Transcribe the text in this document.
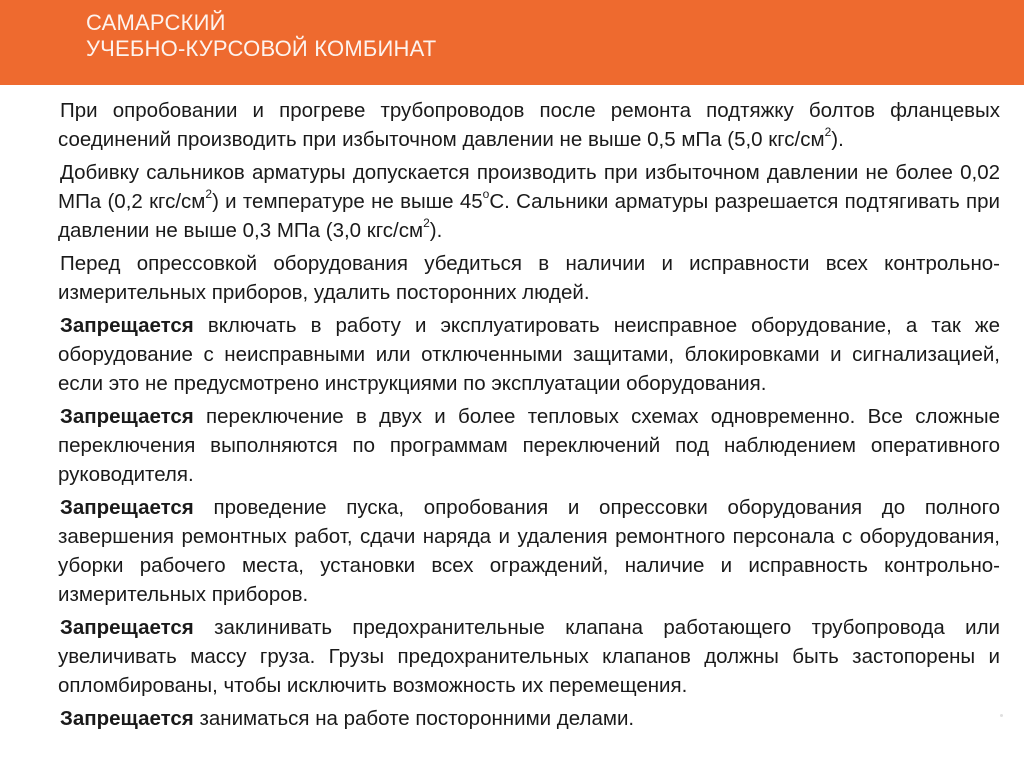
САМАРСКИЙ
УЧЕБНО-КУРСОВОЙ КОМБИНАТ

При опробовании и прогреве трубопроводов после ремонта подтяжку болтов фланцевых соединений производить при избыточном давлении не выше 0,5 мПа (5,0 кгс/$см^2$).

Добивку сальников арматуры допускается производить при избыточном давлении не более 0,02 МПа (0,2 кгс/$см^2$) и температуре не выше $45^оС$. Сальники арматуры разрешается подтягивать при давлении не выше 0,3 МПа (3,0 кгс/$см^2$).

Перед опрессовкой оборудования убедиться в наличии и исправности всех контрольно-измерительных приборов, удалить посторонних людей.

Запрещается включать в работу и эксплуатировать неисправное оборудование, а так же оборудование с неисправными или отключенными защитами, блокировками и сигнализацией, если это не предусмотрено инструкциями по эксплуатации оборудования.

Запрещается переключение в двух и более тепловых схемах одновременно. Все сложные переключения выполняются по программам переключений под наблюдением оперативного руководителя.

Запрещается проведение пуска, опробования и опрессовки оборудования до полного завершения ремонтных работ, сдачи наряда и удаления ремонтного персонала с оборудования, уборки рабочего места, установки всех ограждений, наличие и исправность контрольно-измерительных приборов.

Запрещается заклинивать предохранительные клапана работающего трубопровода или увеличивать массу груза. Грузы предохранительных клапанов должны быть застопорены и опломбированы, чтобы исключить возможность их перемещения.

Запрещается заниматься на работе посторонними делами.
